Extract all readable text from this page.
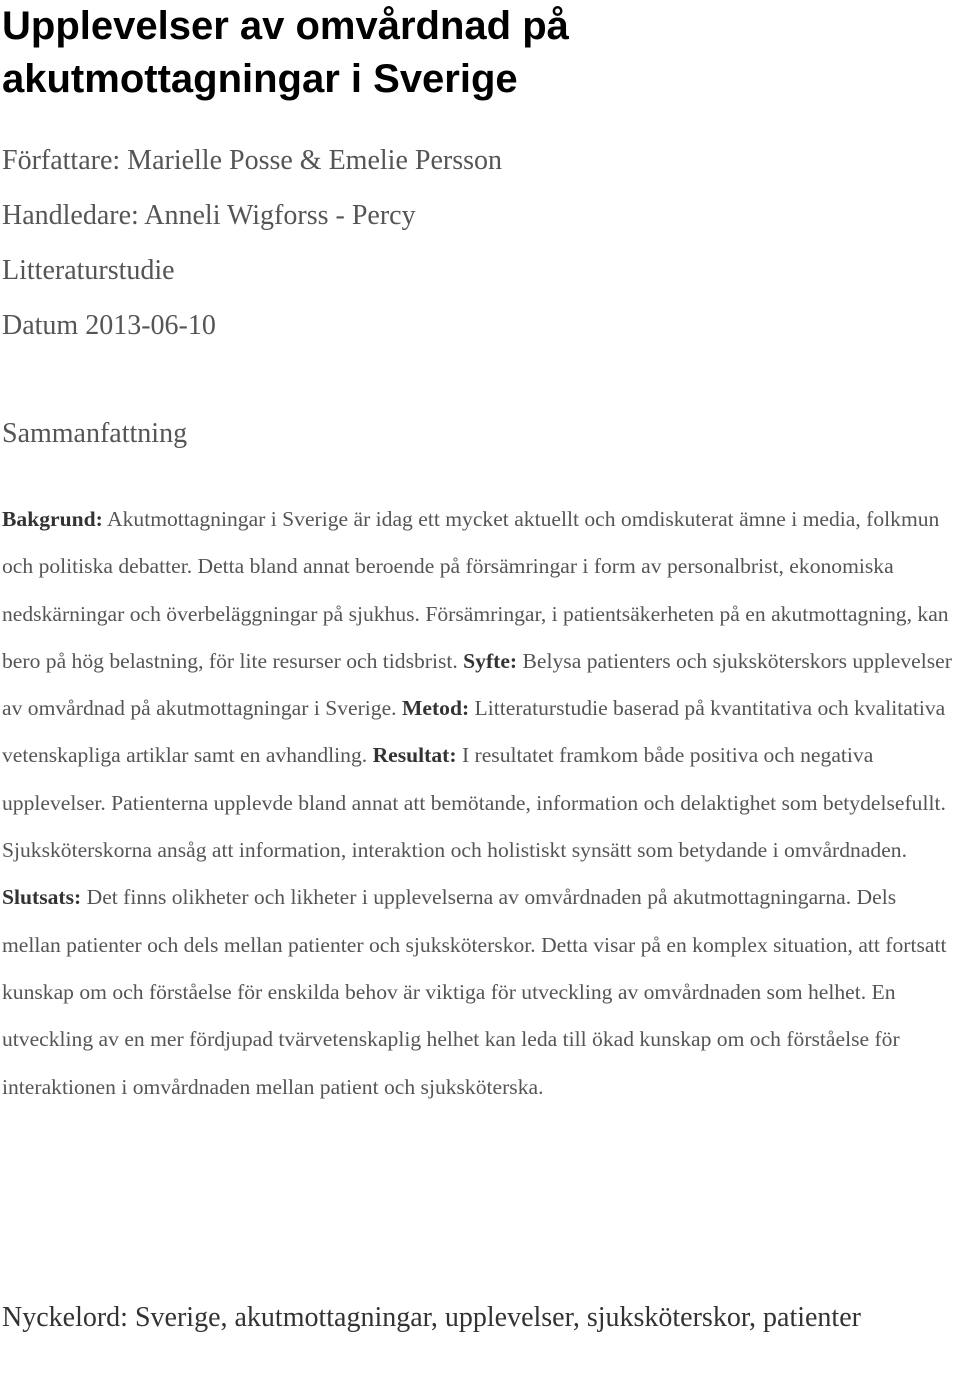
Upplevelser av omvårdnad på
akutmottagningar i Sverige

Författare: Marielle Posse & Emelie Persson

Handledare: Anneli Wigforss - Percy

Litteraturstudie

Datum 2013-06-10

Sammanfattning

Bakgrund: Akutmottagningar i Sverige är idag ett mycket aktuellt och omdiskuterat ämne i media, folkmun och politiska debatter. Detta bland annat beroende på försämringar i form av personalbrist, ekonomiska nedskärningar och överbeläggningar på sjukhus. Försämringar, i patientsäkerheten på en akutmottagning, kan bero på hög belastning, för lite resurser och tidsbrist. Syfte: Belysa patienters och sjuksköterskors upplevelser av omvårdnad på akutmottagningar i Sverige. Metod: Litteraturstudie baserad på kvantitativa och kvalitativa vetenskapliga artiklar samt en avhandling. Resultat: I resultatet framkom både positiva och negativa upplevelser. Patienterna upplevde bland annat att bemötande, information och delaktighet som betydelsefullt. Sjuksköterskorna ansåg att information, interaktion och holistiskt synsätt som betydande i omvårdnaden. Slutsats: Det finns olikheter och likheter i upplevelserna av omvårdnaden på akutmottagningarna. Dels mellan patienter och dels mellan patienter och sjuksköterskor. Detta visar på en komplex situation, att fortsatt kunskap om och förståelse för enskilda behov är viktiga för utveckling av omvårdnaden som helhet. En utveckling av en mer fördjupad tvärvetenskaplig helhet kan leda till ökad kunskap om och förståelse för interaktionen i omvårdnaden mellan patient och sjuksköterska.

Nyckelord: Sverige, akutmottagningar, upplevelser, sjuksköterskor, patienter
